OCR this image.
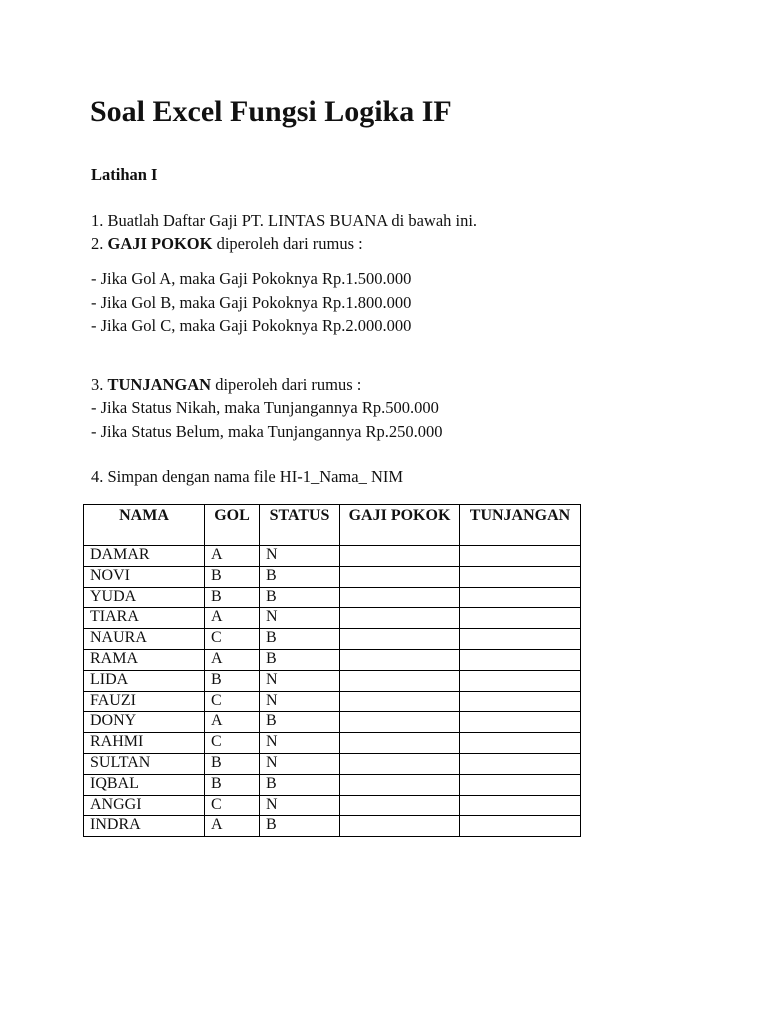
Soal Excel Fungsi Logika IF

Latihan I

1. Buatlah Daftar Gaji PT. LINTAS BUANA di bawah ini.

2. GAJI POKOK diperoleh dari rumus :

- Jika Gol A, maka Gaji Pokoknya Rp.1.500.000

- Jika Gol B, maka Gaji Pokoknya Rp.1.800.000

- Jika Gol C, maka Gaji Pokoknya Rp.2.000.000

3. TUNJANGAN diperoleh dari rumus :

- Jika Status Nikah, maka Tunjangannya Rp.500.000

- Jika Status Belum, maka Tunjangannya Rp.250.000

4. Simpan dengan nama file HI-1_Nama_ NIM

NAMA	GOL	STATUS	GAJI POKOK	TUNJANGAN
DAMAR	A	N		
NOVI	B	B		
YUDA	B	B		
TIARA	A	N		
NAURA	C	B		
RAMA	A	B		
LIDA	B	N		
FAUZI	C	N		
DONY	A	B		
RAHMI	C	N		
SULTAN	B	N		
IQBAL	B	B		
ANGGI	C	N		
INDRA	A	B		
